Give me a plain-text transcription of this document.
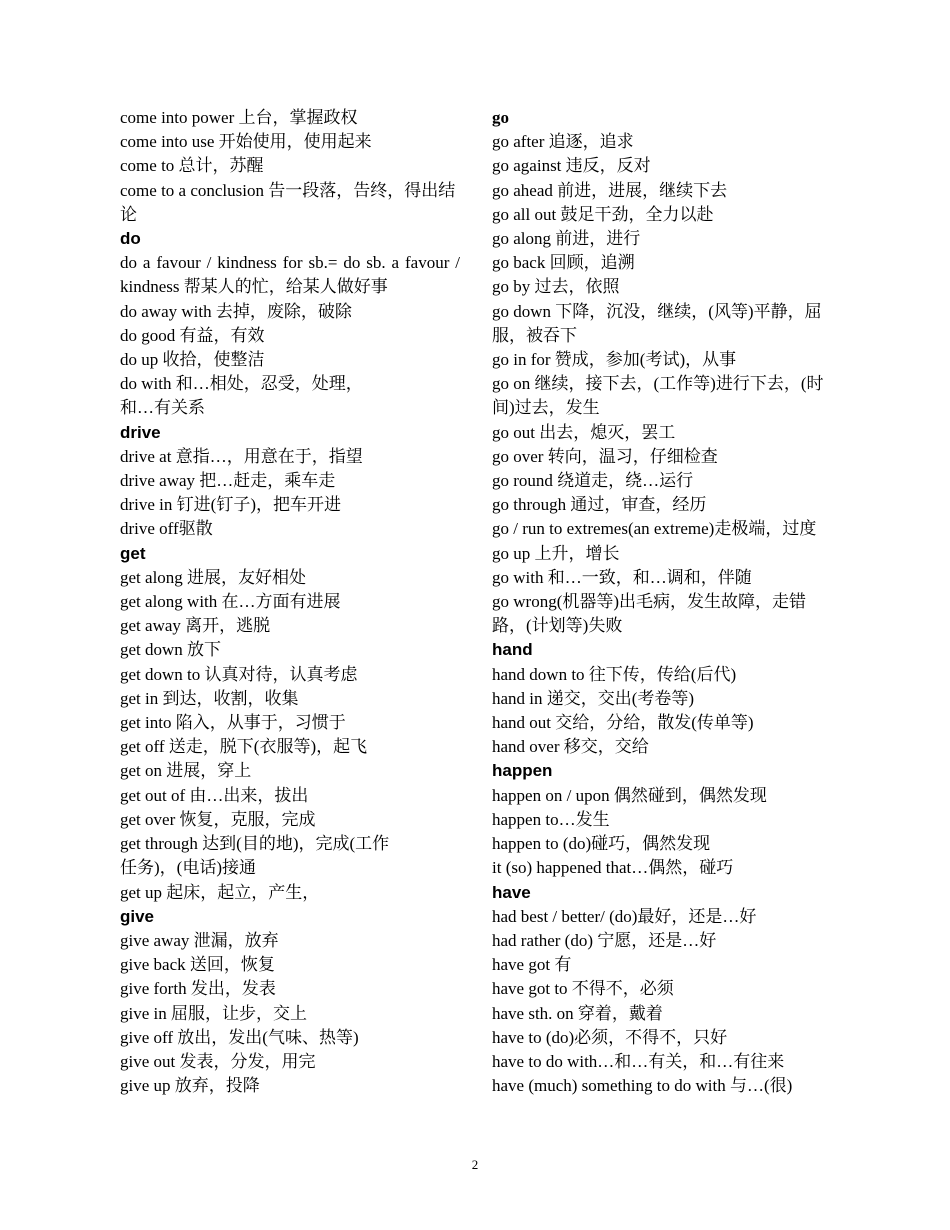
come into power 上台，掌握政权
come into use 开始使用，使用起来
come to 总计，苏醒
come to a conclusion 告一段落，告终，得出结论
do
do a favour / kindness for sb.= do sb. a favour / kindness 帮某人的忙，给某人做好事
do away with 去掉，废除，破除
do good 有益，有效
do up 收拾，使整洁
do with 和…相处，忍受，处理，
和…有关系
drive
drive at 意指…，用意在于，指望
drive away 把…赶走，乘车走
drive in 钉进(钉子)，把车开进
drive off驱散
get
get along 进展，友好相处
get along with 在…方面有进展
get away 离开，逃脱
get down 放下
get down to 认真对待，认真考虑
get in 到达，收割，收集
get into 陷入，从事于，习惯于
get off 送走，脱下(衣服等)，起飞
get on 进展，穿上
get out of 由…出来，拔出
get over 恢复，克服，完成
get through 达到(目的地)，完成(工作
任务)，(电话)接通
get up 起床，起立，产生，
give
give away 泄漏，放弃
give back 送回，恢复
give forth 发出，发表
give in 屈服，让步，交上
give off 放出，发出(气味、热等)
give out 发表，分发，用完
give up 放弃，投降
go
go after 追逐，追求
go against 违反，反对
go ahead 前进，进展，继续下去
go all out 鼓足干劲，全力以赴
go along 前进，进行
go back 回顾，追溯
go by 过去，依照
go down 下降，沉没，继续，(风等)平静，屈服，被吞下
go in for 赞成，参加(考试)，从事
go on 继续，接下去，(工作等)进行下去，(时间)过去，发生
go out 出去，熄灭，罢工
go over 转向，温习，仔细检查
go round 绕道走，绕…运行
go through 通过，审查，经历
go / run to extremes(an extreme)走极端，过度
go up 上升，增长
go with 和…一致，和…调和，伴随
go wrong(机器等)出毛病，发生故障，走错路，(计划等)失败
hand
hand down to 往下传，传给(后代)
hand in 递交，交出(考卷等)
hand out 交给，分给，散发(传单等)
hand over 移交，交给
happen
happen on / upon 偶然碰到，偶然发现
happen to…发生
happen to (do)碰巧，偶然发现
it (so) happened that…偶然，碰巧
have
had best / better/ (do)最好，还是…好
had rather (do) 宁愿，还是…好
have got 有
have got to 不得不，必须
have sth. on 穿着，戴着
have to (do)必须，不得不，只好
have to do with…和…有关，和…有往来
have (much) something to do with 与…(很)
2
